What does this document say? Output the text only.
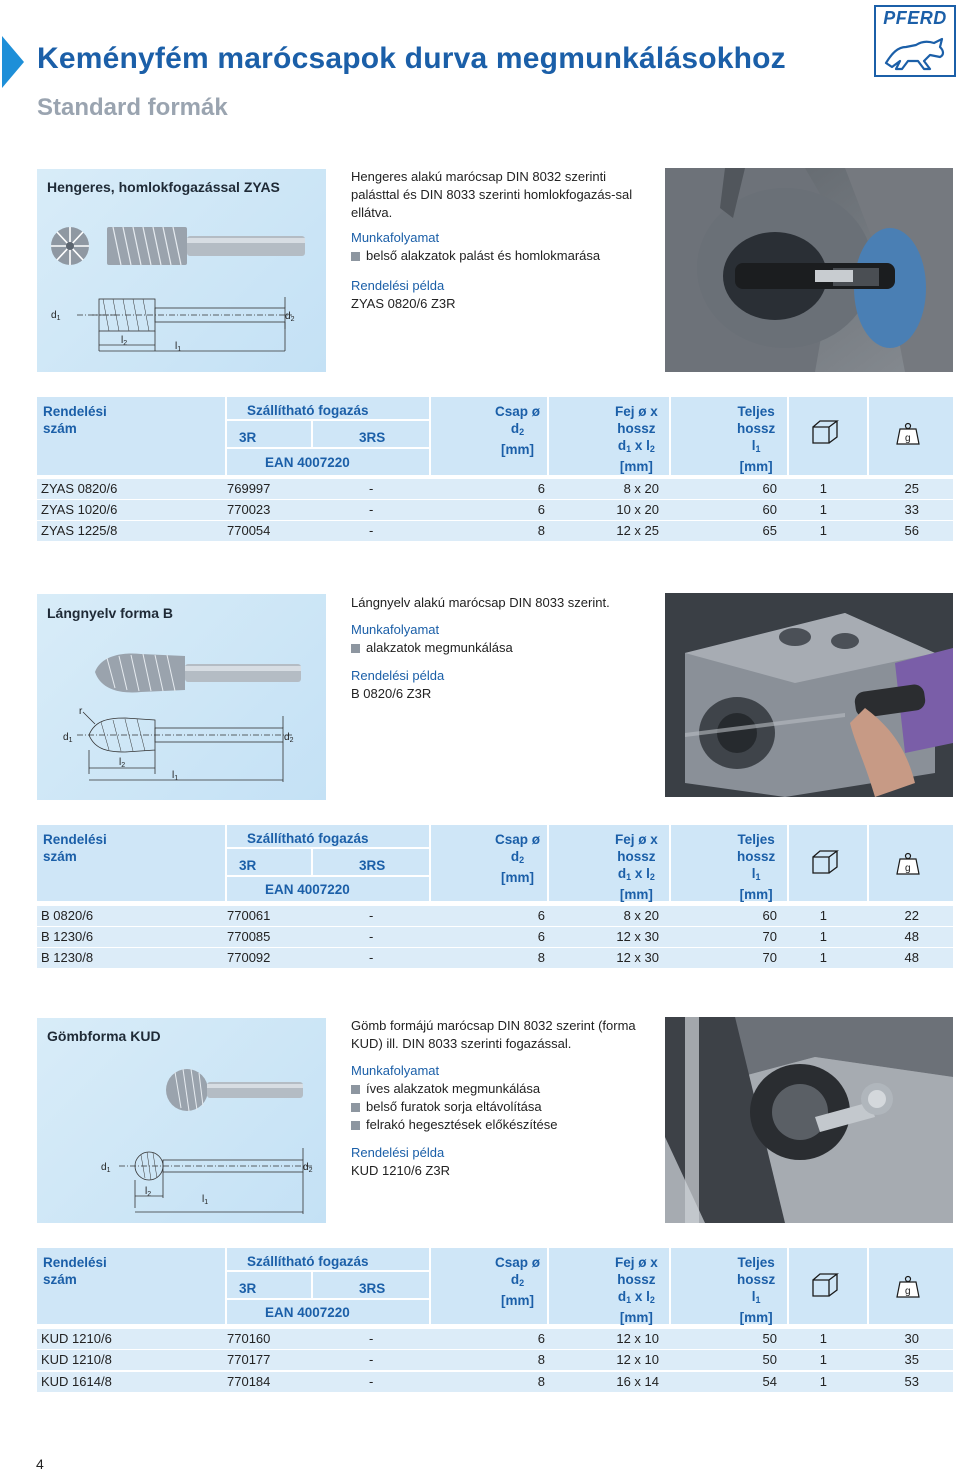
Keményfém marócsapok durva megmunkálásokhoz
Standard formák
PFERD
Hengeres, homlokfogazással ZYAS
$d_1$	$d_2$
$l_2$	$l_1$
Hengeres alakú marócsap DIN 8032 szerinti palásttal és DIN 8033 szerinti homlokfogazás-sal ellátva.
Munkafolyamat
belső alakzatok palást és homlokmarása
Rendelési példa
ZYAS 0820/6 Z3R
Rendelési
szám
Szállítható fogazás
3R	3RS
EAN 4007220
Csap ø
$d_2$
[mm]
Fej ø x
hossz
$d_1$ x $l_2$
[mm]
Teljes
hossz
$l_1$
[mm]
g
ZYAS 0820/6	769997	-	6	8 x 20	60	1	25
ZYAS 1020/6	770023	-	6	10 x 20	60	1	33
ZYAS 1225/8	770054	-	8	12 x 25	65	1	56
Lángnyelv forma B
r
$d_1$	$d_2$
$l_2$
$l_1$
Lángnyelv alakú marócsap DIN 8033 szerint.
Munkafolyamat
alakzatok megmunkálása
Rendelési példa
B 0820/6 Z3R
Rendelési
szám
Szállítható fogazás
3R	3RS
EAN 4007220
Csap ø
$d_2$
[mm]
Fej ø x
hossz
$d_1$ x $l_2$
[mm]
Teljes
hossz
$l_1$
[mm]
g
B 0820/6	770061	-	6	8 x 20	60	1	22
B 1230/6	770085	-	6	12 x 30	70	1	48
B 1230/8	770092	-	8	12 x 30	70	1	48
Gömbforma KUD
$d_1$	$d_2$
$l_2$	$l_1$
Gömb formájú marócsap DIN 8032 szerint (forma KUD) ill. DIN 8033 szerinti fogazással.
Munkafolyamat
íves alakzatok megmunkálása
belső furatok sorja eltávolítása
felrakó hegesztések előkészítése
Rendelési példa
KUD 1210/6 Z3R
Rendelési
szám
Szállítható fogazás
3R	3RS
EAN 4007220
Csap ø
$d_2$
[mm]
Fej ø x
hossz
$d_1$ x $l_2$
[mm]
Teljes
hossz
$l_1$
[mm]
g
KUD 1210/6	770160	-	6	12 x 10	50	1	30
KUD 1210/8	770177	-	8	12 x 10	50	1	35
KUD 1614/8	770184	-	8	16 x 14	54	1	53
4
